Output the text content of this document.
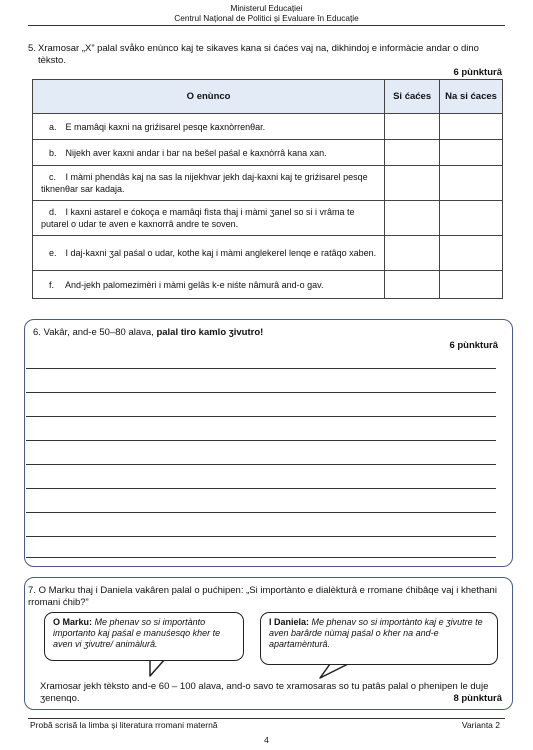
Ministerul Educației
Centrul Național de Politici și Evaluare în Educație
5. Xramosar „X” palal svåko enùnco kaj te sikaves kana si ćaćes vaj na, dikhindoj e informàcie andar o dino tèksto.
6 pùnkturâ
O enùnco	Si ćaćes	Na si ćaces
a. E mamâqi kaxni na griźisarel pesqe kaxnòrrenθar.		
b. Nijekh aver kaxni andar i bar na bešel paśal e kaxnòrrâ kana xan.		
c. I màmi phendâs kaj na sas la nijekhvar jekh daj-kaxni kaj te griźisarel pesqe tiknenθar sar kadaja.		
d. I kaxni astarel e ćokoça e mamâqi fìsta thaj i màmi ʒanel so si i vrâma te putarel o udar te aven e kaxnorrâ andre te soven.		
e. I daj-kaxni ʒal paśal o udar, kothe kaj i màmi anglekerel lenqe e ratâqo xaben.		
f. And-jekh palomezimèri i màmi gelâs k-e niśte nâmurâ and-o gav.		
6. Vakâr, and-e 50–80 alava, palal tiro kamlo ʒivutro!
6 pùnkturâ
7. O Marku thaj i Daniela vakâren palal o pućhipen: „Si importànto e dialèkturâ e rromane ćhibâqe vaj i khethani rromani ćhib?”
O Marku: Me phenav so si importànto importanto kaj paśal e manuśesqo kher te aven vi ʒivutre/ animàlurâ.
I Daniela: Me phenav so si importànto kaj e ʒivutre te aven barârde nùmaj paśal o kher na and-e apartamènturâ.
Xramosar jekh tèksto and-e 60 – 100 alava, and-o savo te xramosaras so tu patâs palal o phenipen le duje ʒenenqo.	8 pùnkturâ
Probă scrisă la limba și literatura rromani maternă	Varianta 2
4
